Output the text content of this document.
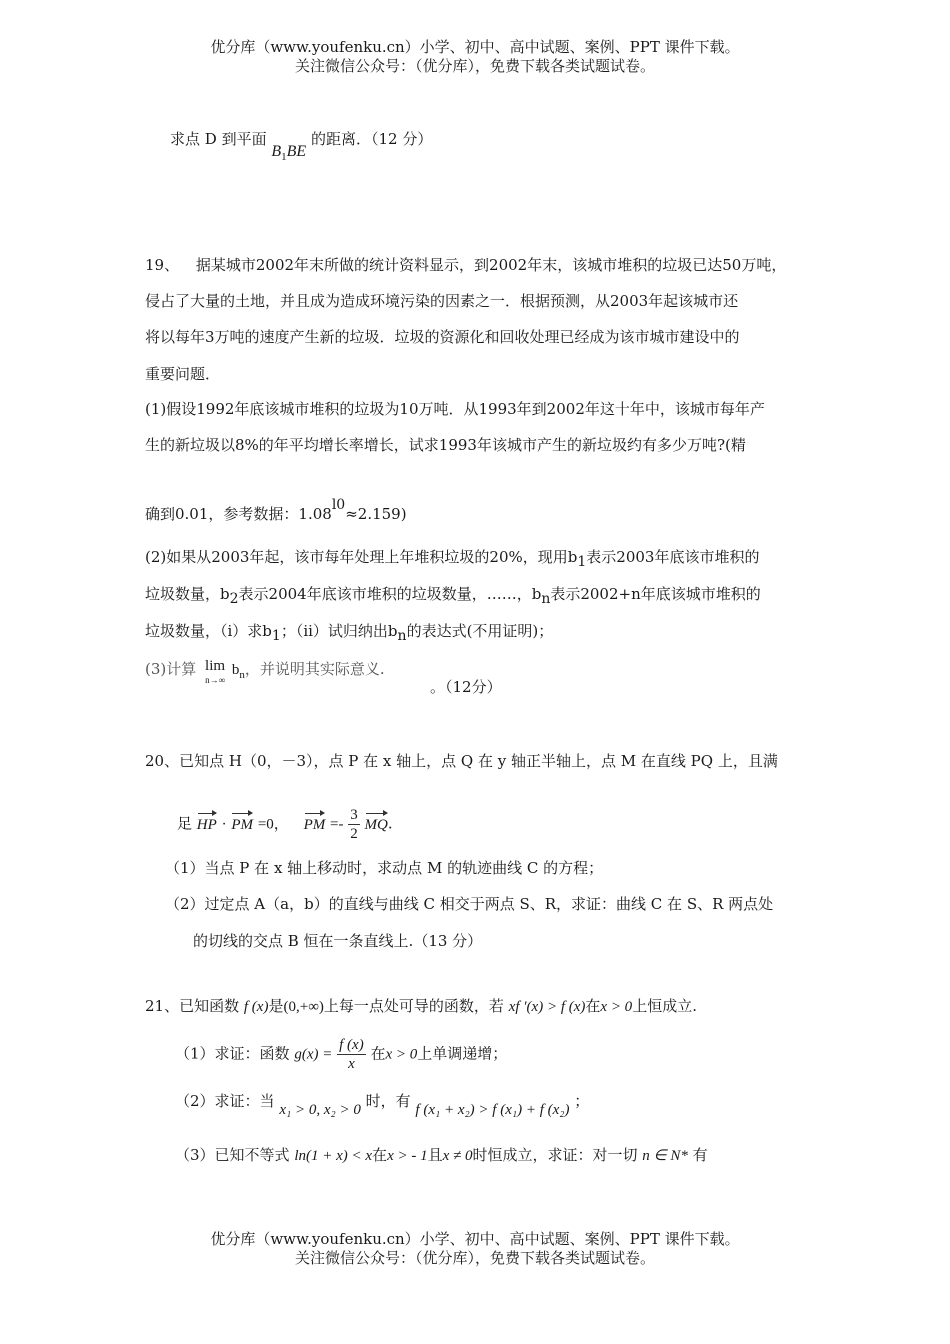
优分库（www.youfenku.cn）小学、初中、高中试题、案例、PPT 课件下载。
关注微信公众号：（优分库），免费下载各类试题试卷。
求点 D 到平面 $B_1BE$ 的距离．（12 分）
19、 据某城市2002年末所做的统计资料显示，到2002年末，该城市堆积的垃圾已达50万吨，
侵占了大量的土地，并且成为造成环境污染的因素之一．根据预测，从2003年起该城市还
将以每年3万吨的速度产生新的垃圾．垃圾的资源化和回收处理已经成为该市城市建设中的
重要问题．
(1)假设1992年底该城市堆积的垃圾为10万吨．从1993年到2002年这十年中，该城市每年产
生的新垃圾以8%的年平均增长率增长，试求1993年该城市产生的新垃圾约有多少万吨?(精
确到0.01，参考数据：$1.08^{l0}\approx 2.159$)
(2)如果从2003年起，该市每年处理上年堆积垃圾的20%，现用$b_1$表示2003年底该市堆积的
垃圾数量，$b_2$表示2004年底该市堆积的垃圾数量，……，$b_n$表示2002+n年底该城市堆积的
垃圾数量，（i）求$b_1$；（ii）试归纳出$b_n$的表达式(不用证明)；
(3)计算 lim
n→∞
$b_n$，并说明其实际意义.
。（12分）
20、已知点 H（0，－3），点 P 在 x 轴上，点 Q 在 y 轴正半轴上，点 M 在直线 PQ 上，且满
足 HP · PM =0， PM =- $\frac{3}{2}$ MQ.
（1）当点 P 在 x 轴上移动时，求动点 M 的轨迹曲线 C 的方程；
（2）过定点 A（a，b）的直线与曲线 C 相交于两点 S、R，求证：曲线 C 在 S、R 两点处
的切线的交点 B 恒在一条直线上.（13 分）
21、已知函数 f (x)是(0,+∞)上每一点处可导的函数，若 xf ′(x) > f (x)在x > 0上恒成立.
（1）求证：函数 $g(x) = \frac{f (x)}{x}$ 在x > 0上单调递增；
（2）求证：当 x₁ > 0, x₂ > 0 时，有 f (x₁ + x₂) > f (x₁) + f (x₂) ；
（3）已知不等式 ln(1 + x) < x在x > - 1且x ≠ 0时恒成立，求证：对一切 n ∈ N* 有
优分库（www.youfenku.cn）小学、初中、高中试题、案例、PPT 课件下载。
关注微信公众号：（优分库），免费下载各类试题试卷。
